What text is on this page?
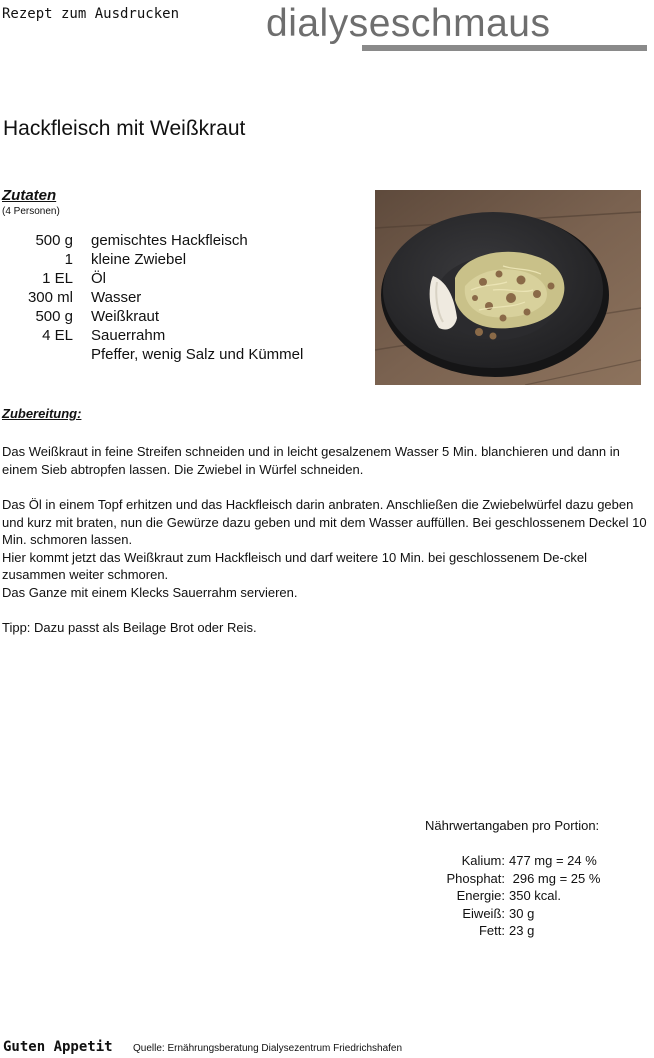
Rezept zum Ausdrucken dialyseschmaus
Hackfleisch mit Weißkraut
Zutaten
(4 Personen)
500 g gemischtes Hackfleisch
1 kleine Zwiebel
1 EL Öl
300 ml Wasser
500 g Weißkraut
4 EL Sauerrahm
Pfeffer, wenig Salz und Kümmel
Zubereitung:
Das Weißkraut in feine Streifen schneiden und in leicht gesalzenem Wasser 5 Min. blanchieren und dann in einem Sieb abtropfen lassen. Die Zwiebel in Würfel schneiden.
Das Öl in einem Topf erhitzen und das Hackfleisch darin anbraten. Anschließen die Zwiebelwürfel dazu geben und kurz mit braten, nun die Gewürze dazu geben und mit dem Wasser auffüllen. Bei geschlossenem Deckel 10 Min. schmoren lassen.
Hier kommt jetzt das Weißkraut zum Hackfleisch und darf weitere 10 Min. bei geschlossenem De-ckel zusammen weiter schmoren.
Das Ganze mit einem Klecks Sauerrahm servieren.
Tipp: Dazu passt als Beilage Brot oder Reis.
Nährwertangaben pro Portion:
Kalium: 477 mg = 24 %
Phosphat: 296 mg = 25 %
Energie: 350 kcal.
Eiweiß: 30 g
Fett: 23 g
Guten Appetit Quelle: Ernährungsberatung Dialysezentrum Friedrichshafen
